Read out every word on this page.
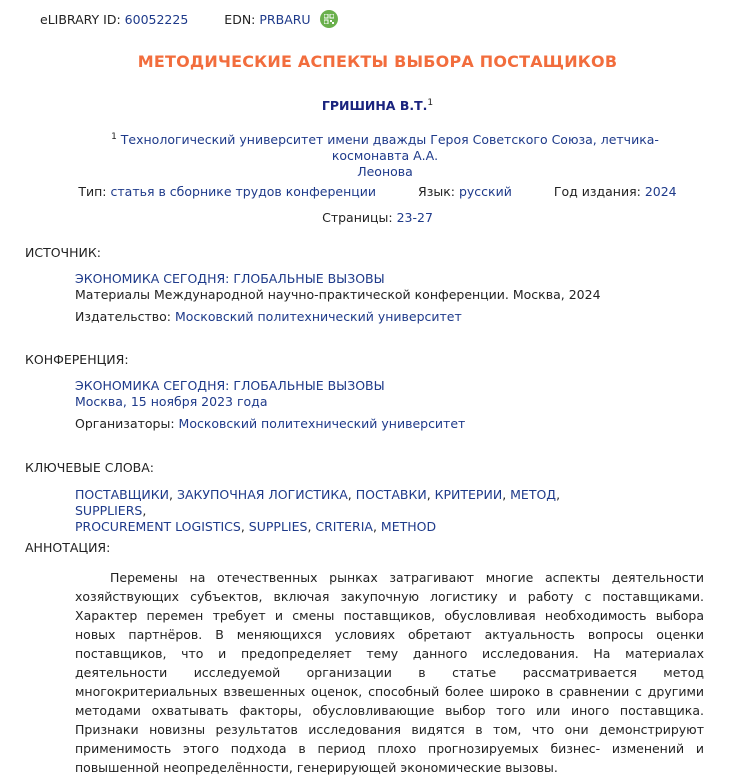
eLIBRARY ID: 60052225	EDN: PRBARU
МЕТОДИЧЕСКИЕ АСПЕКТЫ ВЫБОРА ПОСТАЩИКОВ
ГРИШИНА В.Т.$^1$
$^1$ Технологический университет имени дважды Героя Советского Союза, летчика-космонавта А.А.
Леонова
Тип: статья в сборнике трудов конференции	Язык: русский	Год издания: 2024
Страницы: 23-27
ИСТОЧНИК:
ЭКОНОМИКА СЕГОДНЯ: ГЛОБАЛЬНЫЕ ВЫЗОВЫ
Материалы Международной научно-практической конференции. Москва, 2024
Издательство: Московский политехнический университет
КОНФЕРЕНЦИЯ:
ЭКОНОМИКА СЕГОДНЯ: ГЛОБАЛЬНЫЕ ВЫЗОВЫ
Москва, 15 ноября 2023 года
Организаторы: Московский политехнический университет
КЛЮЧЕВЫЕ СЛОВА:
ПОСТАВЩИКИ, ЗАКУПОЧНАЯ ЛОГИСТИКА, ПОСТАВКИ, КРИТЕРИИ, МЕТОД, SUPPLIERS,
PROCUREMENT LOGISTICS, SUPPLIES, CRITERIA, METHOD
АННОТАЦИЯ:
Перемены на отечественных рынках затрагивают многие аспекты деятельности хозяйствующих субъектов, включая закупочную логистику и работу с поставщиками. Характер перемен требует и смены поставщиков, обусловливая необходимость выбора новых партнёров. В меняющихся условиях обретают актуальность вопросы оценки поставщиков, что и предопределяет тему данного исследования. На материалах деятельности исследуемой организации в статье рассматривается метод многокритериальных взвешенных оценок, способный более широко в сравнении с другими методами охватывать факторы, обусловливающие выбор того или иного поставщика. Признаки новизны результатов исследования видятся в том, что они демонстрируют применимость этого подхода в период плохо прогнозируемых бизнес- изменений и повышенной неопределённости, генерирующей экономические вызовы.
